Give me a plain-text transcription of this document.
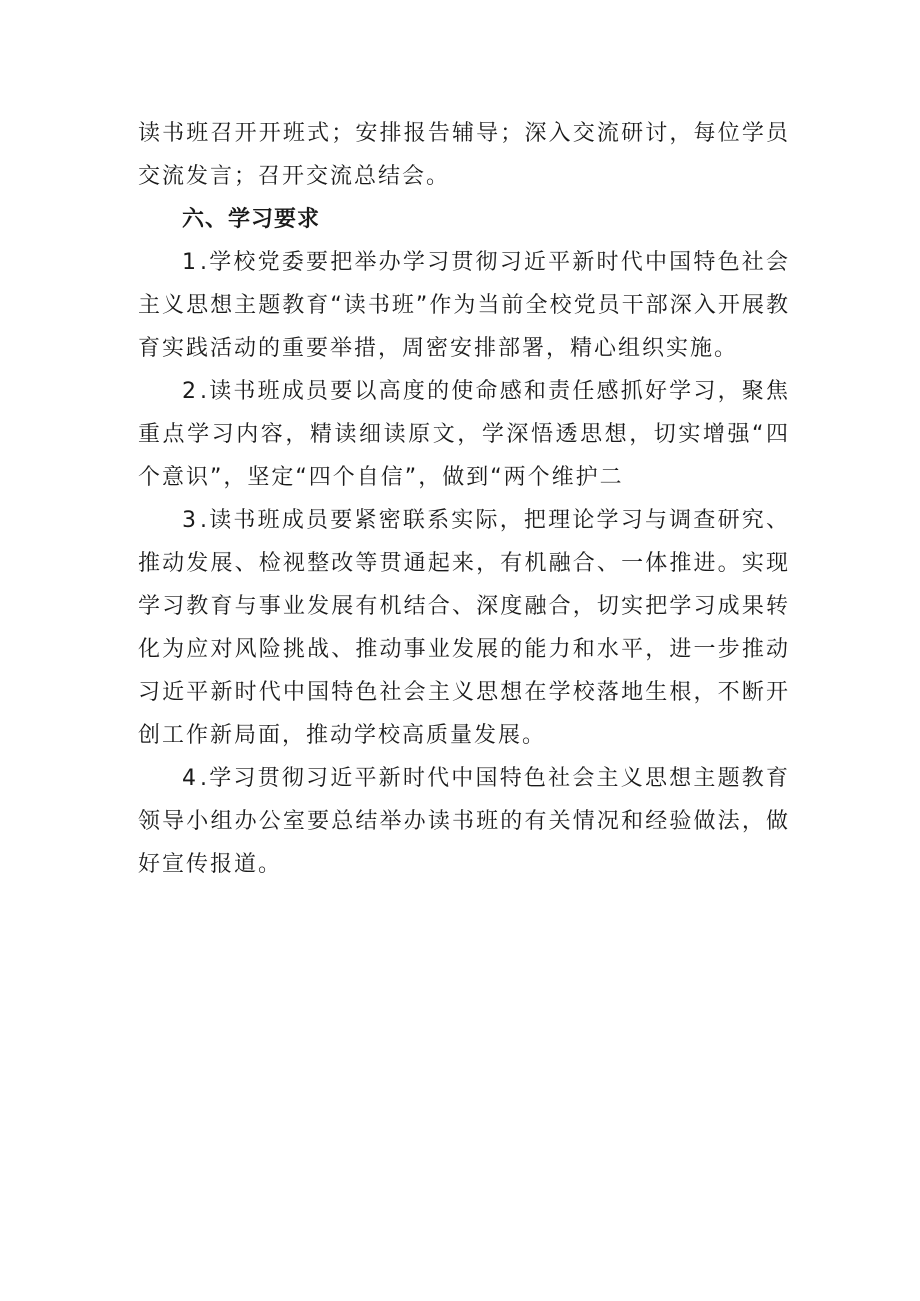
读书班召开开班式；安排报告辅导；深入交流研讨，每位学员交流发言；召开交流总结会。

六、学习要求

1.学校党委要把举办学习贯彻习近平新时代中国特色社会主义思想主题教育“读书班”作为当前全校党员干部深入开展教育实践活动的重要举措，周密安排部署，精心组织实施。

2.读书班成员要以高度的使命感和责任感抓好学习，聚焦重点学习内容，精读细读原文，学深悟透思想，切实增强“四个意识”，坚定“四个自信”，做到“两个维护二

3.读书班成员要紧密联系实际，把理论学习与调查研究、推动发展、检视整改等贯通起来，有机融合、一体推进。实现学习教育与事业发展有机结合、深度融合，切实把学习成果转化为应对风险挑战、推动事业发展的能力和水平，进一步推动习近平新时代中国特色社会主义思想在学校落地生根，不断开创工作新局面，推动学校高质量发展。

4.学习贯彻习近平新时代中国特色社会主义思想主题教育领导小组办公室要总结举办读书班的有关情况和经验做法，做好宣传报道。
